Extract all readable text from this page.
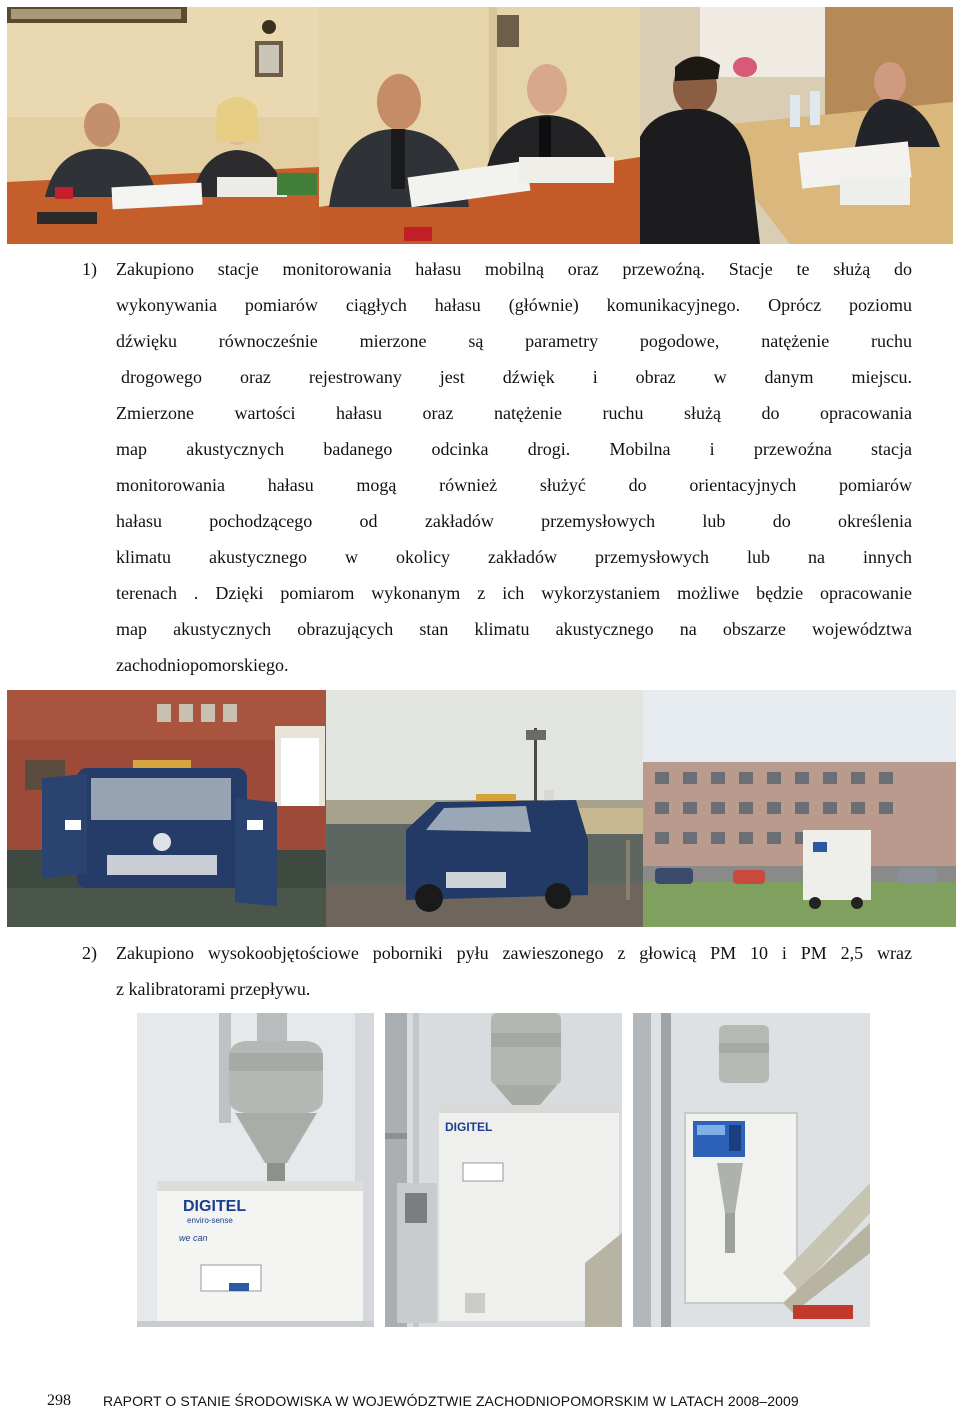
1) Zakupiono stacje monitorowania hałasu mobilną oraz przewoźną. Stacje te służą do
wykonywania pomiarów ciągłych hałasu (głównie) komunikacyjnego. Oprócz poziomu
dźwięku równocześnie mierzone są parametry pogodowe, natężenie ruchu
drogowego oraz rejestrowany jest dźwięk i obraz w danym miejscu.
Zmierzone wartości hałasu oraz natężenie ruchu służą do opracowania
map akustycznych badanego odcinka drogi. Mobilna i przewoźna stacja
monitorowania hałasu mogą również służyć do orientacyjnych pomiarów
hałasu pochodzącego od zakładów przemysłowych lub do określenia
klimatu akustycznego w okolicy zakładów przemysłowych lub na innych
terenach . Dzięki pomiarom wykonanym z ich wykorzystaniem możliwe będzie opracowanie
map akustycznych obrazujących stan klimatu akustycznego na obszarze województwa
zachodniopomorskiego.
2) Zakupiono wysokoobjętościowe poborniki pyłu zawieszonego z głowicą PM 10 i PM 2,5 wraz
z kalibratorami przepływu.
DIGITEL
enviro-sense
we can
DIGITEL
298 RAPORT O STANIE ŚRODOWISKA W WOJEWÓDZTWIE ZACHODNIOPOMORSKIM W LATACH 2008–2009
